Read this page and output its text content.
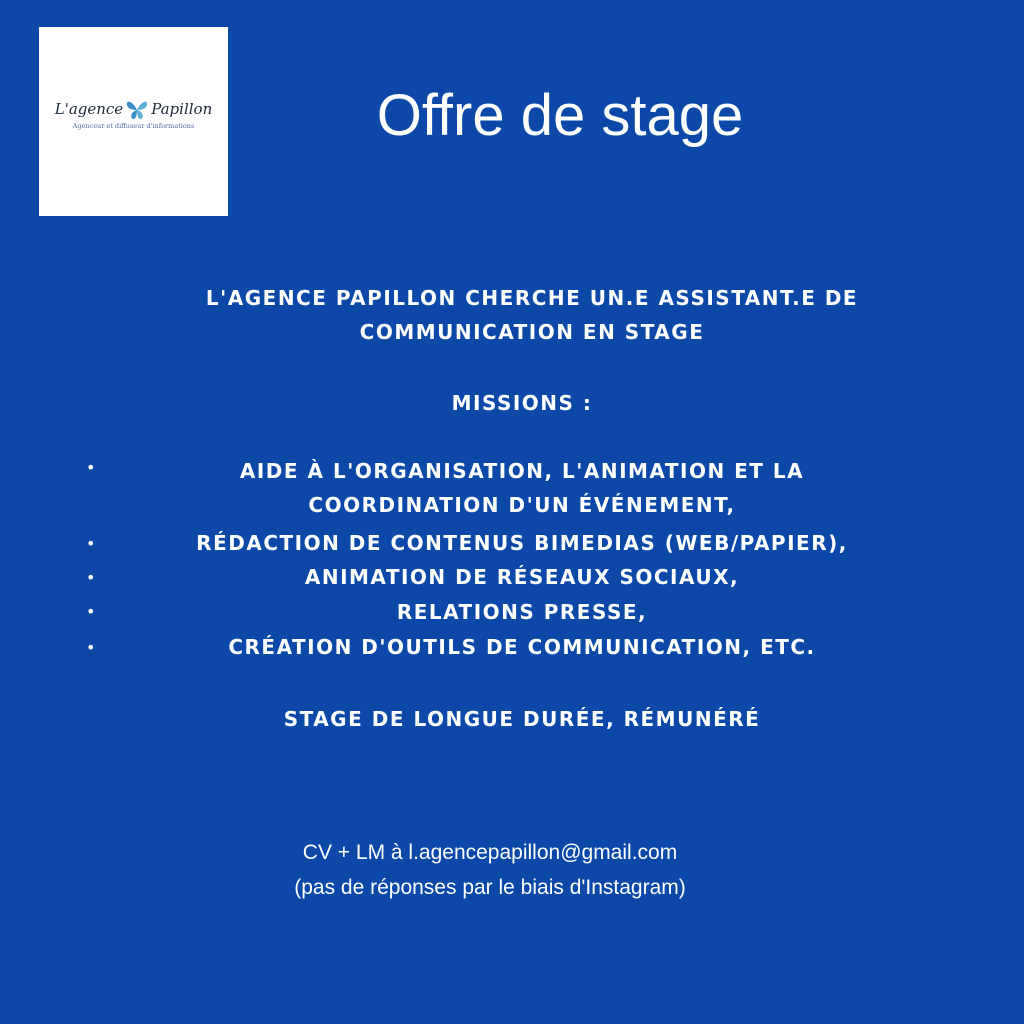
L'agence Papillon
Agenceur et diffuseur d'informations	Offre de stage
L'AGENCE PAPILLON CHERCHE UN.E ASSISTANT.E DE
COMMUNICATION EN STAGE
MISSIONS :
•	AIDE À L'ORGANISATION, L'ANIMATION ET LA
COORDINATION D'UN ÉVÉNEMENT,
•	RÉDACTION DE CONTENUS BIMEDIAS (WEB/PAPIER),
•	ANIMATION DE RÉSEAUX SOCIAUX,
•	RELATIONS PRESSE,
•	CRÉATION D'OUTILS DE COMMUNICATION, ETC.
STAGE DE LONGUE DURÉE, RÉMUNÉRÉ
CV + LM à l.agencepapillon@gmail.com
(pas de réponses par le biais d'Instagram)
